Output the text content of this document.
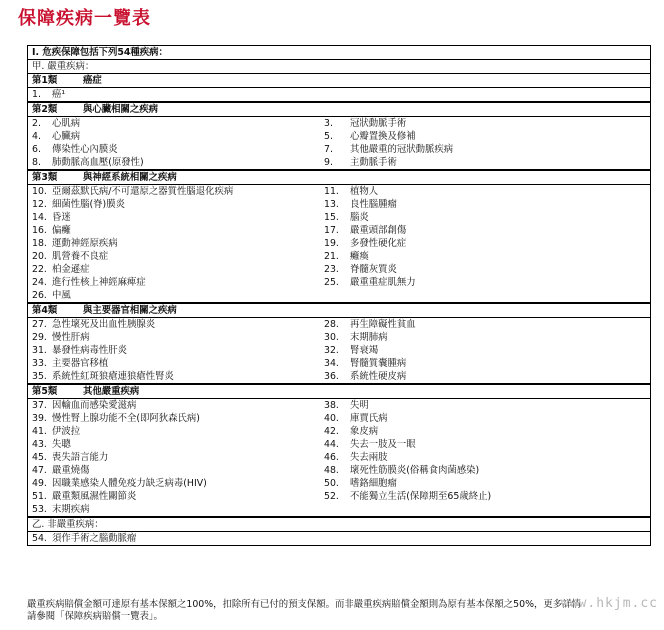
保障疾病一覽表
I. 危疾保障包括下列54種疾病：
甲. 嚴重疾病：
第1類	癌症
1. 癌¹
第2類	與心臟相關之疾病
2. 心肌病	3. 冠狀動脈手術
4. 心臟病	5. 心瓣置換及修補
6. 傳染性心內膜炎	7. 其他嚴重的冠狀動脈疾病
8. 肺動脈高血壓(原發性)	9. 主動脈手術
第3類	與神經系統相關之疾病
10. 亞爾茲默氏病/不可還原之器質性腦退化疾病	11. 植物人
12. 細菌性腦(脊)膜炎	13. 良性腦腫瘤
14. 昏迷	15. 腦炎
16. 偏癱	17. 嚴重頭部創傷
18. 運動神經原疾病	19. 多發性硬化症
20. 肌營養不良症	21. 癱瘓
22. 柏金遜症	23. 脊髓灰質炎
24. 進行性核上神經麻痺症	25. 嚴重重症肌無力
26. 中風
第4類	與主要器官相關之疾病
27. 急性壞死及出血性胰腺炎	28. 再生障礙性貧血
29. 慢性肝病	30. 末期肺病
31. 暴發性病毒性肝炎	32. 腎衰竭
33. 主要器官移植	34. 腎髓質囊腫病
35. 系統性紅斑狼瘡連狼瘡性腎炎	36. 系統性硬皮病
第5類	其他嚴重疾病
37. 因輸血而感染愛滋病	38. 失明
39. 慢性腎上腺功能不全(即阿狄森氏病)	40. 庫賈氏病
41. 伊波拉	42. 象皮病
43. 失聰	44. 失去一肢及一眼
45. 喪失語言能力	46. 失去兩肢
47. 嚴重燒傷	48. 壞死性筋膜炎(俗稱食肉菌感染)
49. 因職業感染人體免疫力缺乏病毒(HIV)	50. 嗜鉻細胞瘤
51. 嚴重類風濕性關節炎	52. 不能獨立生活(保障期至65歲終止)
53. 末期疾病
乙. 非嚴重疾病：
54. 須作手術之腦動脈瘤
嚴重疾病賠償金額可達原有基本保額之100%，扣除所有已付的預支保額。而非嚴重疾病賠償金額則為原有基本保額之50%，更多詳情
請參閱「保障疾病賠償一覽表」。
www.hkjm.cc
